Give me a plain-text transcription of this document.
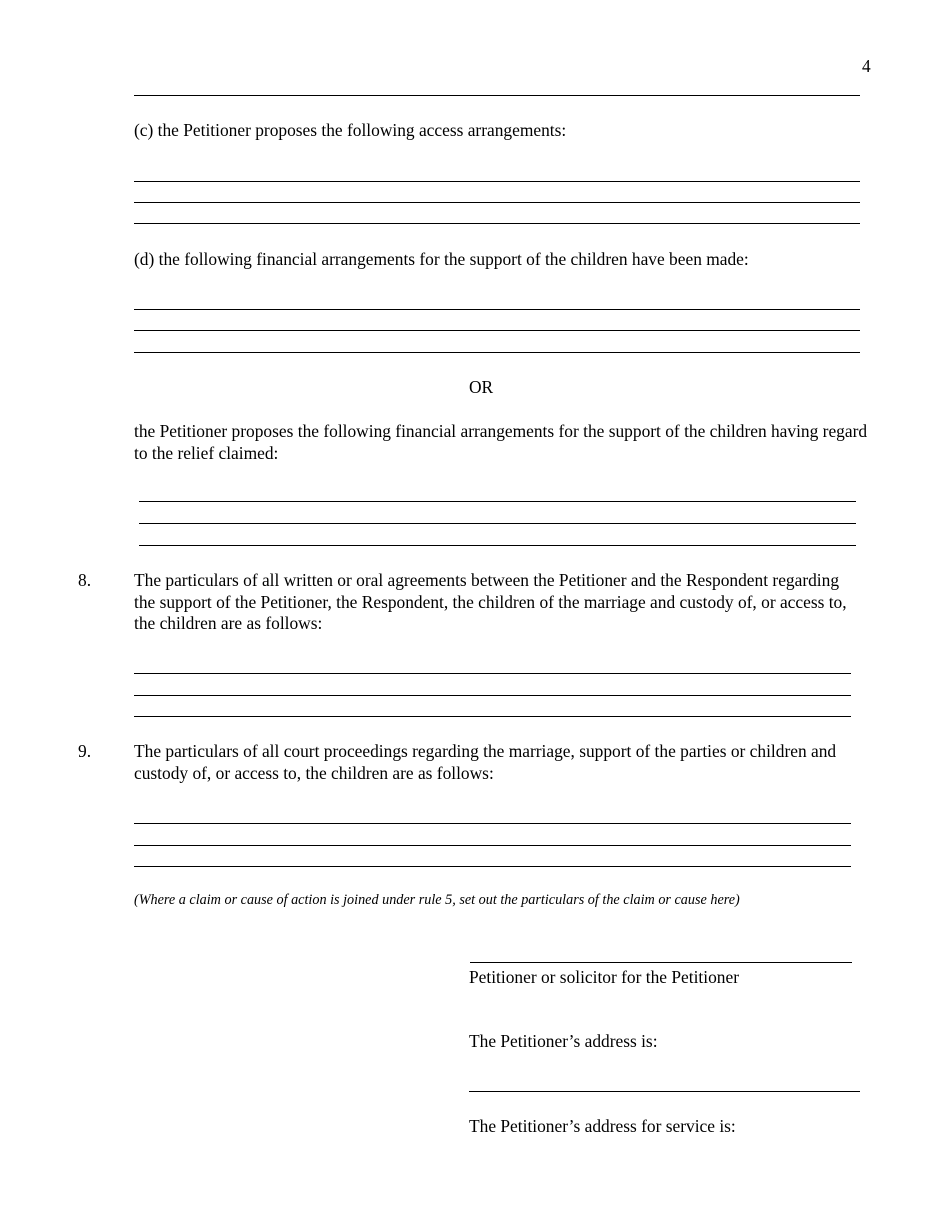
4
(c) the Petitioner proposes the following access arrangements:
(d) the following financial arrangements for the support of the children have been made:
OR
the Petitioner proposes the following financial arrangements for the support of the children having regard to the relief claimed:
8. The particulars of all written or oral agreements between the Petitioner and the Respondent regarding the support of the Petitioner, the Respondent, the children of the marriage and custody of, or access to, the children are as follows:
9. The particulars of all court proceedings regarding the marriage, support of the parties or children and custody of, or access to, the children are as follows:
(Where a claim or cause of action is joined under rule 5, set out the particulars of the claim or cause here)
Petitioner or solicitor for the Petitioner
The Petitioner’s address is:
The Petitioner’s address for service is:
